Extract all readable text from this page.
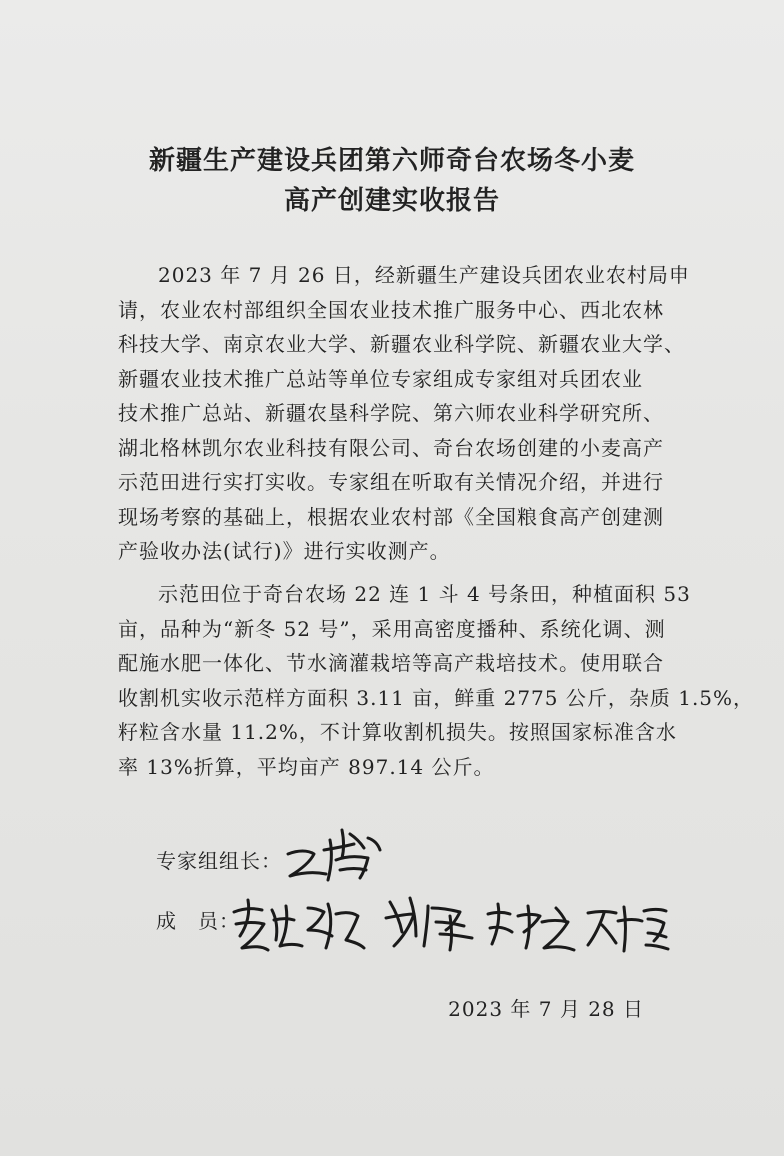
新疆生产建设兵团第六师奇台农场冬小麦
高产创建实收报告
2023 年 7 月 26 日，经新疆生产建设兵团农业农村局申
请，农业农村部组织全国农业技术推广服务中心、西北农林
科技大学、南京农业大学、新疆农业科学院、新疆农业大学、
新疆农业技术推广总站等单位专家组成专家组对兵团农业
技术推广总站、新疆农垦科学院、第六师农业科学研究所、
湖北格林凯尔农业科技有限公司、奇台农场创建的小麦高产
示范田进行实打实收。专家组在听取有关情况介绍，并进行
现场考察的基础上，根据农业农村部《全国粮食高产创建测
产验收办法(试行)》进行实收测产。
示范田位于奇台农场 22 连 1 斗 4 号条田，种植面积 53
亩，品种为“新冬 52 号”，采用高密度播种、系统化调、测
配施水肥一体化、节水滴灌栽培等高产栽培技术。使用联合
收割机实收示范样方面积 3.11 亩，鲜重 2775 公斤，杂质 1.5%，
籽粒含水量 11.2%，不计算收割机损失。按照国家标准含水
率 13%折算，平均亩产 897.14 公斤。
专家组组长：
成　员：
2023 年 7 月 28 日
